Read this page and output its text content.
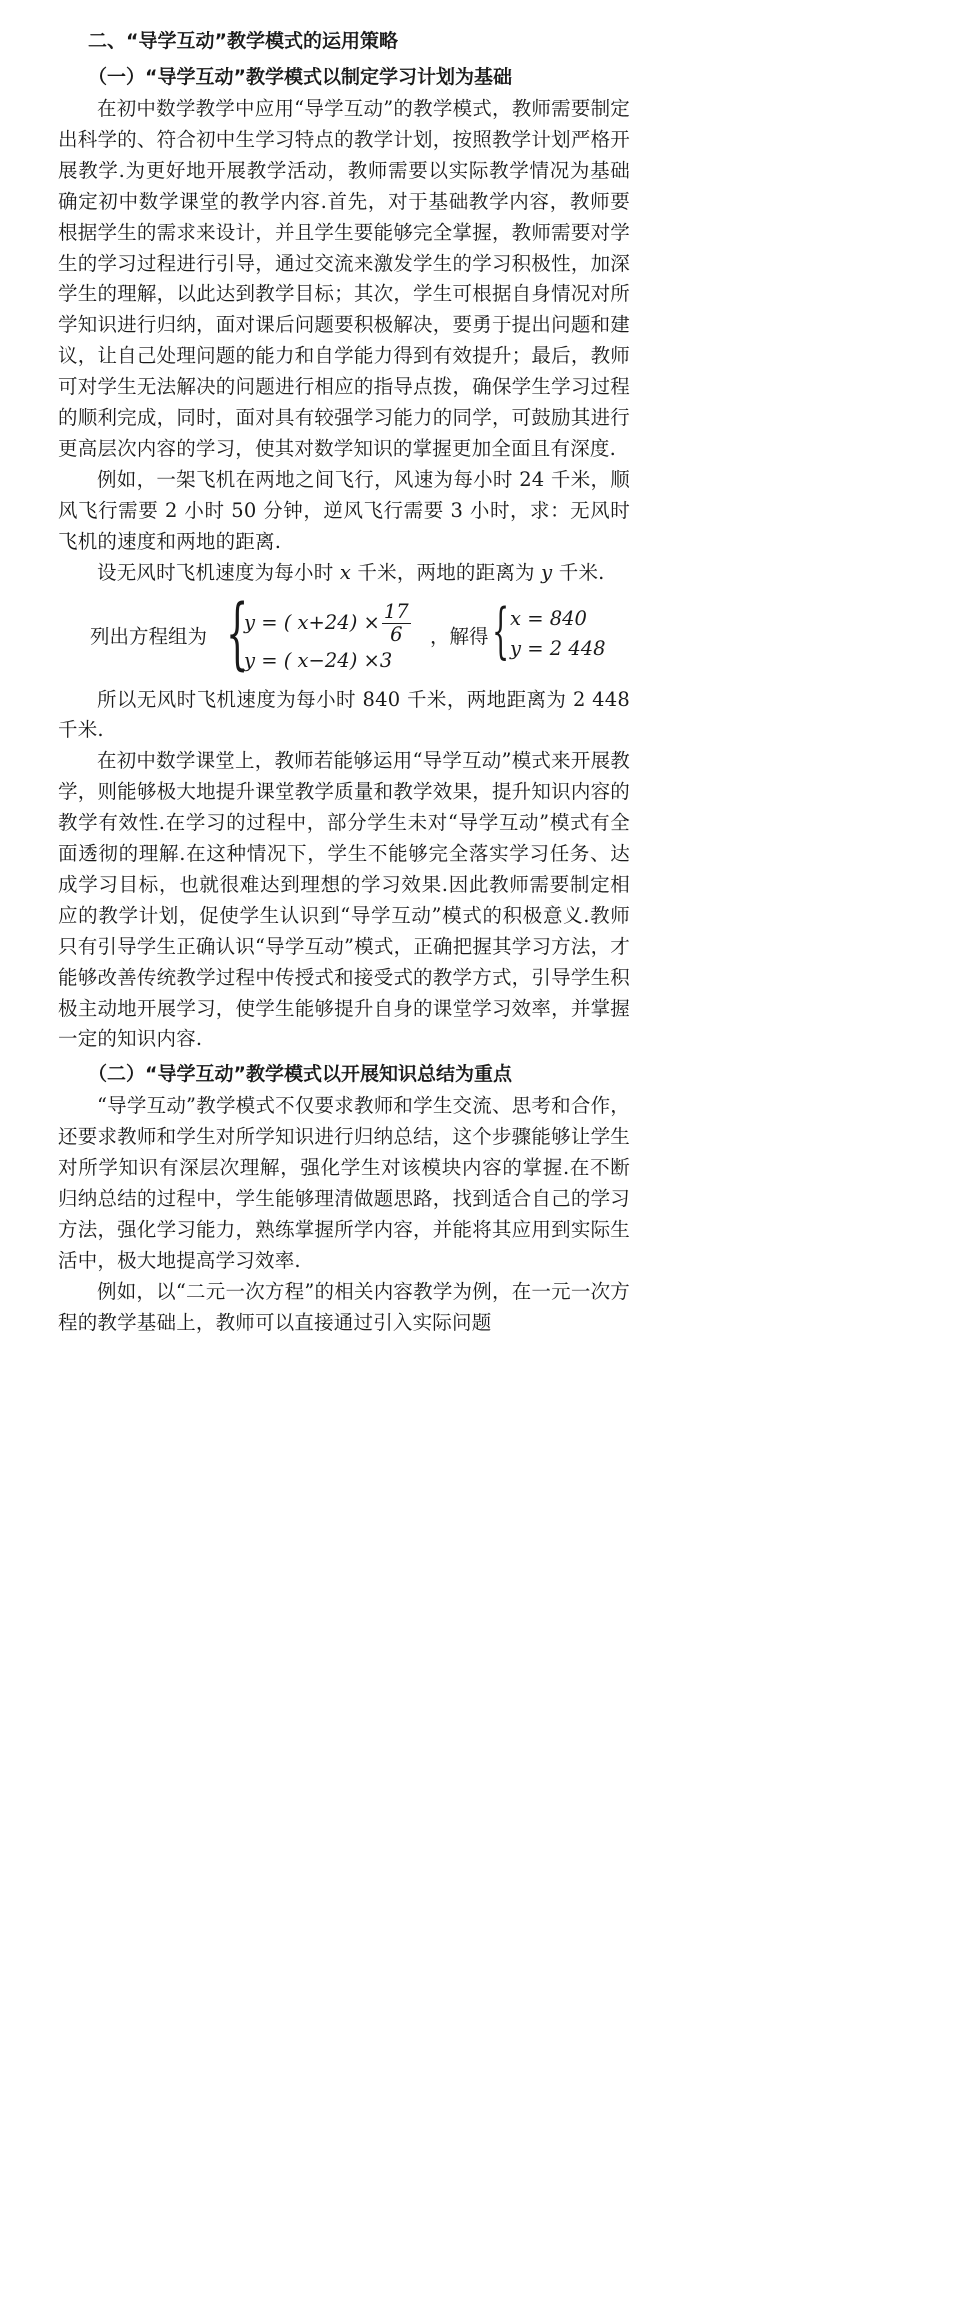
二、“导学互动”教学模式的运用策略
（一）“导学互动”教学模式以制定学习计划为基础

在初中数学教学中应用“导学互动”的教学模式，教师需要制定出科学的、符合初中生学习特点的教学计划，按照教学计划严格开展教学.为更好地开展教学活动，教师需要以实际教学情况为基础确定初中数学课堂的教学内容.首先，对于基础教学内容，教师要根据学生的需求来设计，并且学生要能够完全掌握，教师需要对学生的学习过程进行引导，通过交流来激发学生的学习积极性，加深学生的理解，以此达到教学目标；其次，学生可根据自身情况对所学知识进行归纳，面对课后问题要积极解决，要勇于提出问题和建议，让自己处理问题的能力和自学能力得到有效提升；最后，教师可对学生无法解决的问题进行相应的指导点拨，确保学生学习过程的顺利完成，同时，面对具有较强学习能力的同学，可鼓励其进行更高层次内容的学习，使其对数学知识的掌握更加全面且有深度.

例如，一架飞机在两地之间飞行，风速为每小时 24 千米，顺风飞行需要 2 小时 50 分钟，逆风飞行需要 3 小时，求：无风时飞机的速度和两地的距离.

设无风时飞机速度为每小时 x 千米，两地的距离为 y 千米.

列出方程组为 {
y = ( $x+24) \times \frac{17}{6}$
y = ( x−24) ×3
，解得 { x = 840
y = 2 448

所以无风时飞机速度为每小时 840 千米，两地距离为 2 448 千米.

在初中数学课堂上，教师若能够运用“导学互动”模式来开展教学，则能够极大地提升课堂教学质量和教学效果，提升知识内容的教学有效性.在学习的过程中，部分学生未对“导学互动”模式有全面透彻的理解.在这种情况下，学生不能够完全落实学习任务、达成学习目标，也就很难达到理想的学习效果.因此教师需要制定相应的教学计划，促使学生认识到“导学互动”模式的积极意义.教师只有引导学生正确认识“导学互动”模式，正确把握其学习方法，才能够改善传统教学过程中传授式和接受式的教学方式，引导学生积极主动地开展学习，使学生能够提升自身的课堂学习效率，并掌握一定的知识内容.

（二）“导学互动”教学模式以开展知识总结为重点

“导学互动”教学模式不仅要求教师和学生交流、思考和合作，还要求教师和学生对所学知识进行归纳总结，这个步骤能够让学生对所学知识有深层次理解，强化学生对该模块内容的掌握.在不断归纳总结的过程中，学生能够理清做题思路，找到适合自己的学习方法，强化学习能力，熟练掌握所学内容，并能将其应用到实际生活中，极大地提高学习效率.

例如，以“二元一次方程”的相关内容教学为例，在一元一次方程的教学基础上，教师可以直接通过引入实际问题
